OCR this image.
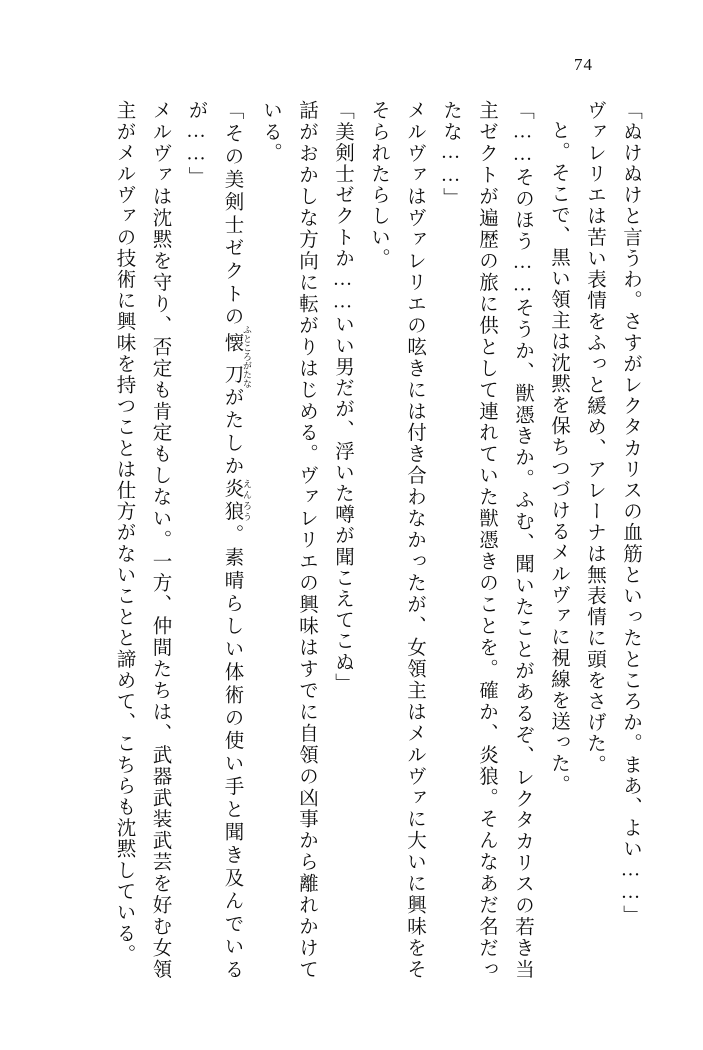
74

「ぬけぬけと言うわ。さすがレクタカリスの血筋といったところか。まあ、よい……」

ヴァレリエは苦い表情をふっと緩め、アレーナは無表情に頭をさげた。

と。そこで、黒い領主は沈黙を保ちつづけるメルヴァに視線を送った。

「……そのほう……そうか、獣憑きか。ふむ、聞いたことがあるぞ、レクタカリスの若き当主ゼクトが遍歴の旅に供として連れていた獣憑きのことを。確か、炎狼。そんなあだ名だったな……」

メルヴァはヴァレリエの呟きには付き合わなかったが、女領主はメルヴァに大いに興味をそそられたらしい。

「美剣士ゼクトか……いい男だが、浮いた噂が聞こえてこぬ」

話がおかしな方向に転がりはじめる。ヴァレリエの興味はすでに自領の凶事から離れかけている。

「その美剣士ゼクトの懐 ふところ刀 がたながたしか炎狼 えんろう。素晴らしい体術の使い手と聞き及んでいるが……」

メルヴァは沈黙を守り、否定も肯定もしない。一方、仲間たちは、武器武装武芸を好む女領主がメルヴァの技術に興味を持つことは仕方がないことと諦めて、こちらも沈黙している。
